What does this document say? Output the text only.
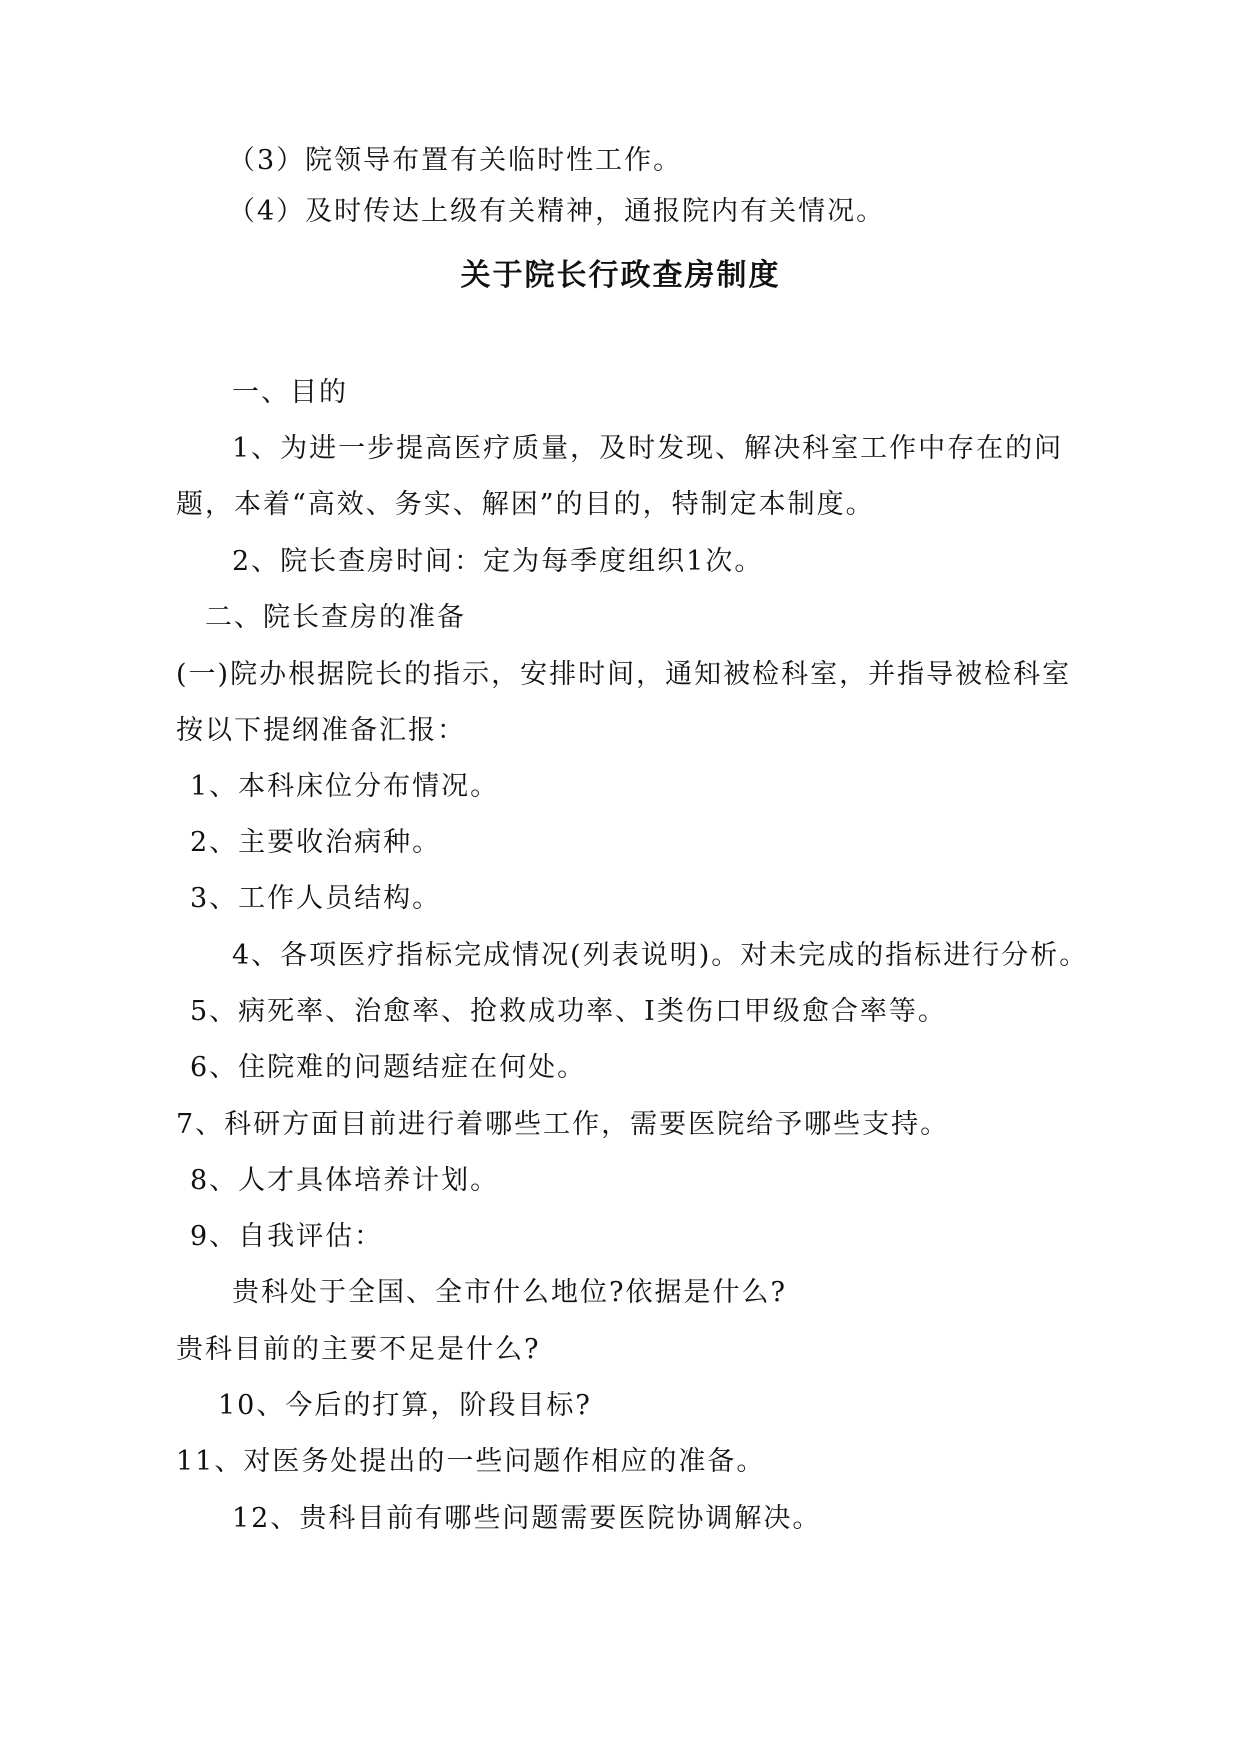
（3）院领导布置有关临时性工作。
（4）及时传达上级有关精神，通报院内有关情况。
关于院长行政查房制度
一、目的
1、为进一步提高医疗质量，及时发现、解决科室工作中存在的问
题，本着“高效、务实、解困”的目的，特制定本制度。
2、院长查房时间：定为每季度组织1次。
二、院长查房的准备
(一)院办根据院长的指示，安排时间，通知被检科室，并指导被检科室
按以下提纲准备汇报：
1、本科床位分布情况。
2、主要收治病种。
3、工作人员结构。
4、各项医疗指标完成情况(列表说明)。对未完成的指标进行分析。
5、病死率、治愈率、抢救成功率、I类伤口甲级愈合率等。
6、住院难的问题结症在何处。
7、科研方面目前进行着哪些工作，需要医院给予哪些支持。
8、人才具体培养计划。
9、自我评估：
贵科处于全国、全市什么地位?依据是什么?
贵科目前的主要不足是什么?
10、今后的打算，阶段目标?
11、对医务处提出的一些问题作相应的准备。
12、贵科目前有哪些问题需要医院协调解决。
